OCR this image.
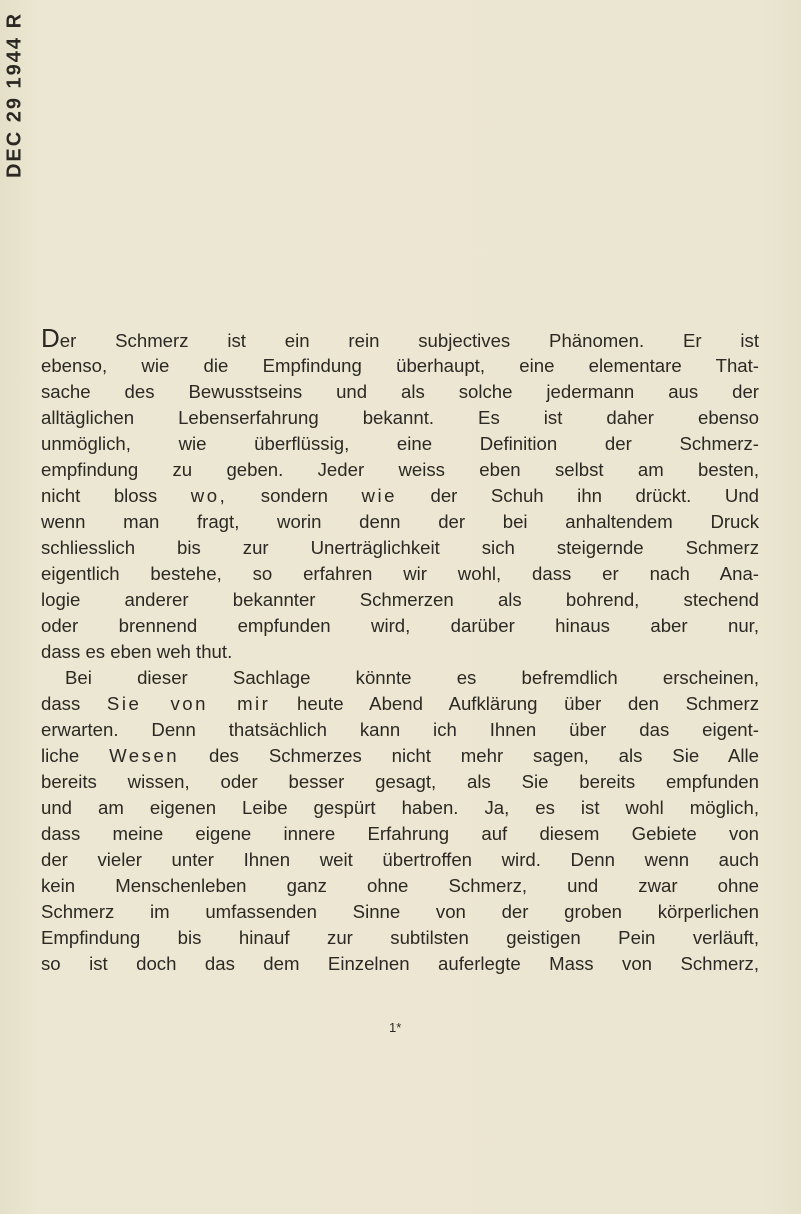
DEC 29 1944 R
Der Schmerz ist ein rein subjectives Phänomen. Er ist
ebenso, wie die Empfindung überhaupt, eine elementare That-
sache des Bewusstseins und als solche jedermann aus der
alltäglichen Lebenserfahrung bekannt. Es ist daher ebenso
unmöglich, wie überflüssig, eine Definition der Schmerz-
empfindung zu geben. Jeder weiss eben selbst am besten,
nicht bloss wo, sondern wie der Schuh ihn drückt. Und
wenn man fragt, worin denn der bei anhaltendem Druck
schliesslich bis zur Unerträglichkeit sich steigernde Schmerz
eigentlich bestehe, so erfahren wir wohl, dass er nach Ana-
logie anderer bekannter Schmerzen als bohrend, stechend
oder brennend empfunden wird, darüber hinaus aber nur,
dass es eben weh thut.
Bei dieser Sachlage könnte es befremdlich erscheinen,
dass Sie von mir heute Abend Aufklärung über den Schmerz
erwarten. Denn thatsächlich kann ich Ihnen über das eigent-
liche Wesen des Schmerzes nicht mehr sagen, als Sie Alle
bereits wissen, oder besser gesagt, als Sie bereits empfunden
und am eigenen Leibe gespürt haben. Ja, es ist wohl möglich,
dass meine eigene innere Erfahrung auf diesem Gebiete von
der vieler unter Ihnen weit übertroffen wird. Denn wenn auch
kein Menschenleben ganz ohne Schmerz, und zwar ohne
Schmerz im umfassenden Sinne von der groben körperlichen
Empfindung bis hinauf zur subtilsten geistigen Pein verläuft,
so ist doch das dem Einzelnen auferlegte Mass von Schmerz,
1*
